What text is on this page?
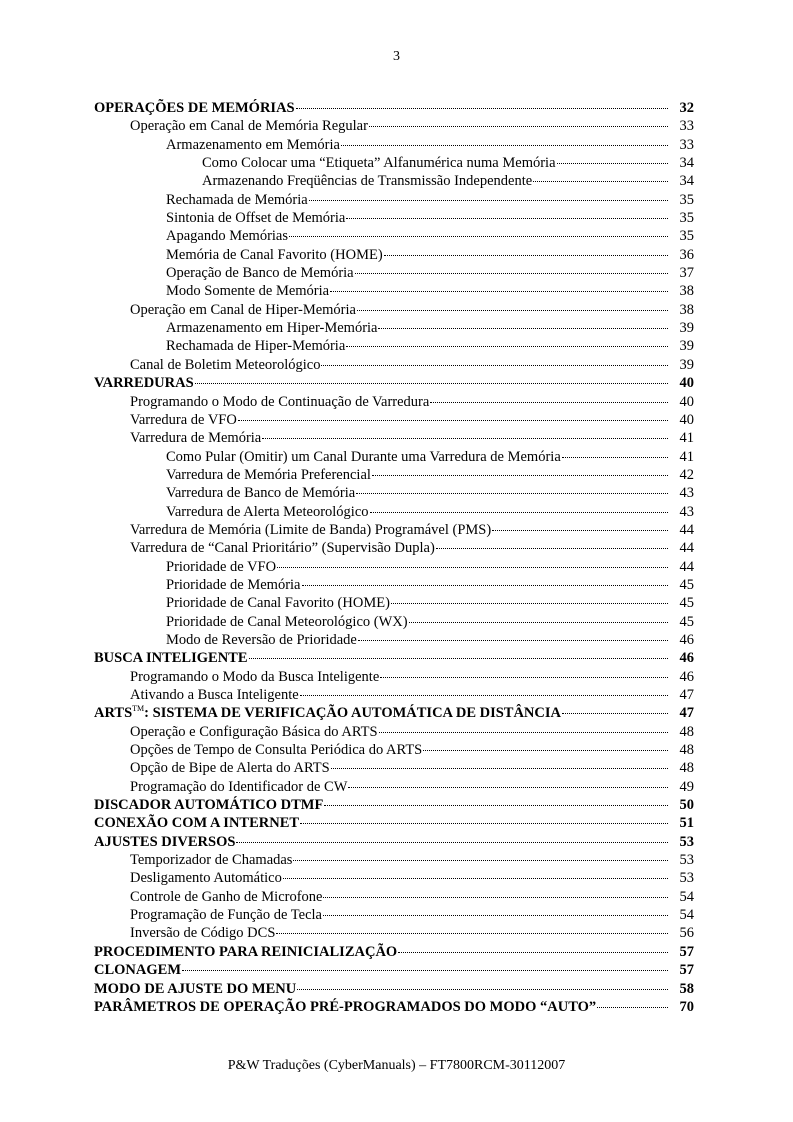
3
OPERAÇÕES DE MEMÓRIAS	32
Operação em Canal de Memória Regular	33
Armazenamento em Memória	33
Como Colocar uma “Etiqueta” Alfanumérica numa Memória	34
Armazenando Freqüências de Transmissão Independente	34
Rechamada de Memória	35
Sintonia de Offset de Memória	35
Apagando Memórias	35
Memória de Canal Favorito (HOME)	36
Operação de Banco de Memória	37
Modo Somente de Memória	38
Operação em Canal de Hiper-Memória	38
Armazenamento em Hiper-Memória	39
Rechamada de Hiper-Memória	39
Canal de Boletim Meteorológico	39
VARREDURAS	40
Programando o Modo de Continuação de Varredura	40
Varredura de VFO	40
Varredura de Memória	41
Como Pular (Omitir) um Canal Durante uma Varredura de Memória	41
Varredura de Memória Preferencial	42
Varredura de Banco de Memória	43
Varredura de Alerta Meteorológico	43
Varredura de Memória (Limite de Banda) Programável (PMS)	44
Varredura de “Canal Prioritário” (Supervisão Dupla)	44
Prioridade de VFO	44
Prioridade de Memória	45
Prioridade de Canal Favorito (HOME)	45
Prioridade de Canal Meteorológico (WX)	45
Modo de Reversão de Prioridade	46
BUSCA INTELIGENTE	46
Programando o Modo da Busca Inteligente	46
Ativando a Busca Inteligente	47
ARTS™: SISTEMA DE VERIFICAÇÃO AUTOMÁTICA DE DISTÂNCIA	47
Operação e Configuração Básica do ARTS	48
Opções de Tempo de Consulta Periódica do ARTS	48
Opção de Bipe de Alerta do ARTS	48
Programação do Identificador de CW	49
DISCADOR AUTOMÁTICO DTMF	50
CONEXÃO COM A INTERNET	51
AJUSTES DIVERSOS	53
Temporizador de Chamadas	53
Desligamento Automático	53
Controle de Ganho de Microfone	54
Programação de Função de Tecla	54
Inversão de Código DCS	56
PROCEDIMENTO PARA REINICIALIZAÇÃO	57
CLONAGEM	57
MODO DE AJUSTE DO MENU	58
PARÂMETROS DE OPERAÇÃO PRÉ-PROGRAMADOS DO MODO “AUTO”	70
P&W Traduções (CyberManuals) – FT7800RCM-30112007
